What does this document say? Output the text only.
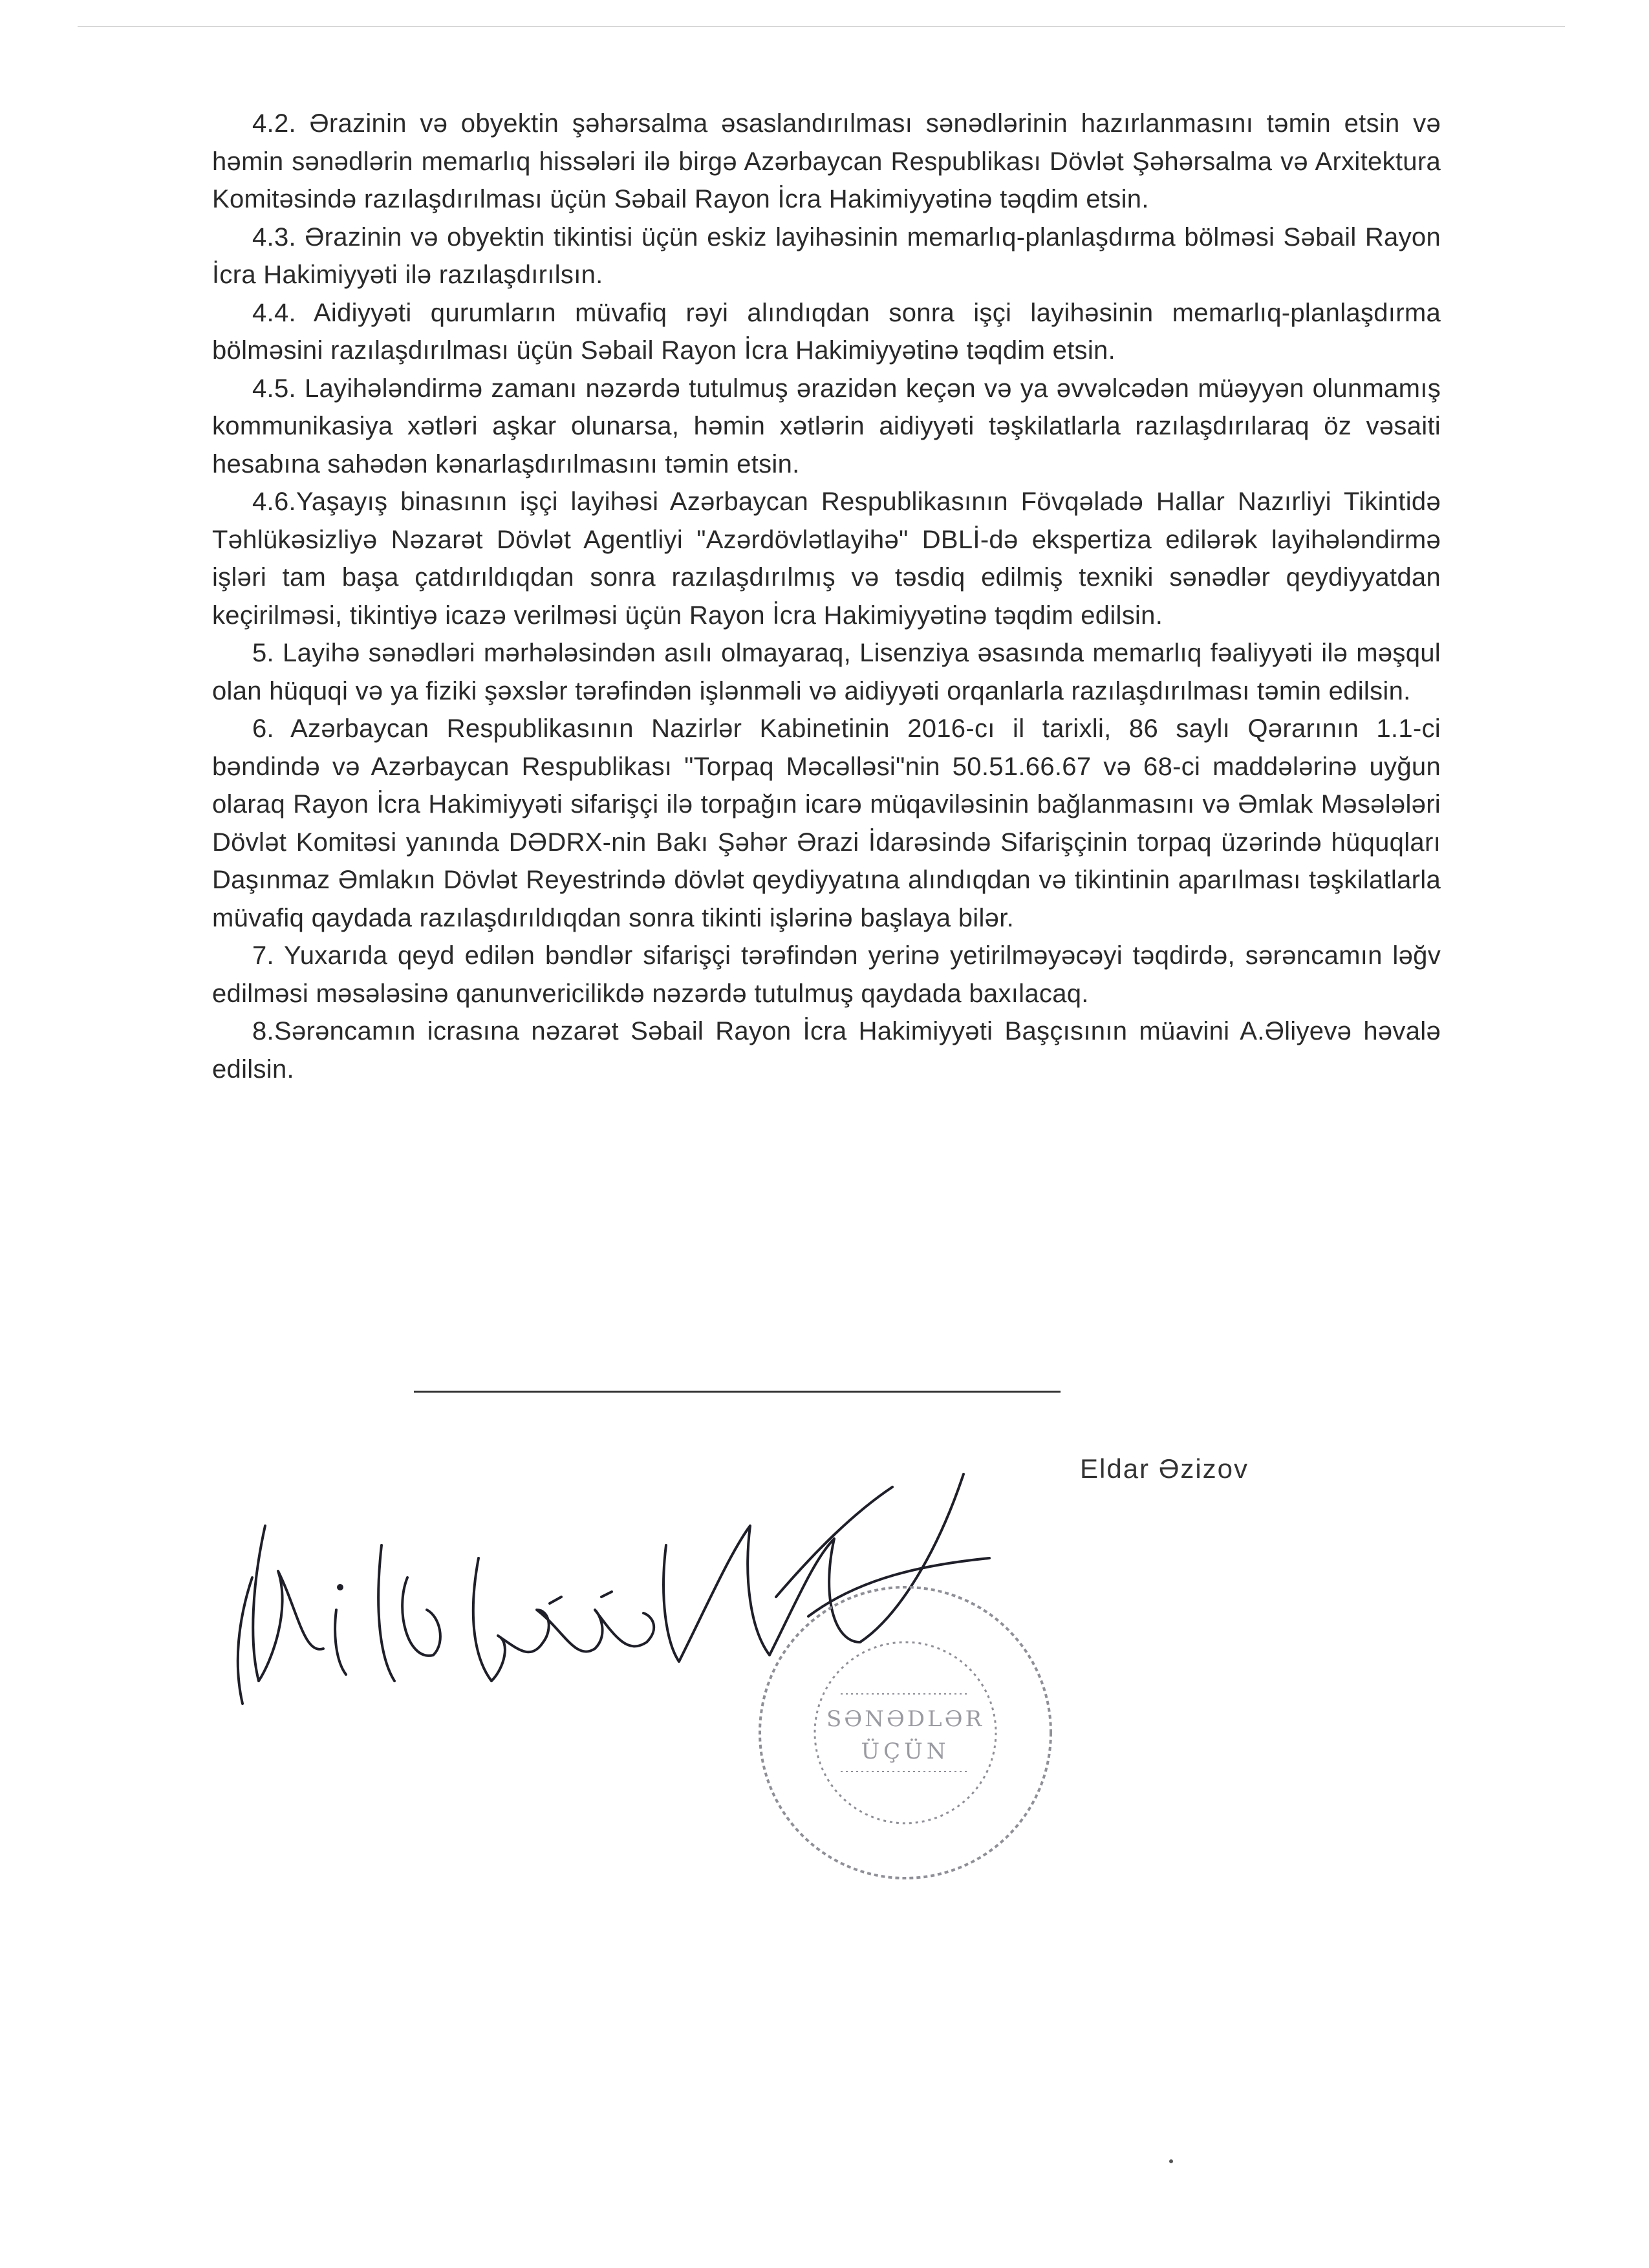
4.2. Ərazinin və obyektin şəhərsalma əsaslandırılması sənədlərinin hazırlanmasını təmin etsin və həmin sənədlərin memarlıq hissələri ilə birgə Azərbaycan Respublikası Dövlət Şəhərsalma və Arxitektura Komitəsində razılaşdırılması üçün Səbail Rayon İcra Hakimiyyətinə təqdim etsin.

4.3. Ərazinin və obyektin tikintisi üçün eskiz layihəsinin memarlıq-planlaşdırma bölməsi Səbail Rayon İcra Hakimiyyəti ilə razılaşdırılsın.

4.4. Aidiyyəti qurumların müvafiq rəyi alındıqdan sonra işçi layihəsinin memarlıq-planlaşdırma bölməsini razılaşdırılması üçün Səbail Rayon İcra Hakimiyyətinə təqdim etsin.

4.5. Layihələndirmə zamanı nəzərdə tutulmuş ərazidən keçən və ya əvvəlcədən müəyyən olunmamış kommunikasiya xətləri aşkar olunarsa, həmin xətlərin aidiyyəti təşkilatlarla razılaşdırılaraq öz vəsaiti hesabına sahədən kənarlaşdırılmasını təmin etsin.

4.6.Yaşayış binasının işçi layihəsi Azərbaycan Respublikasının Fövqəladə Hallar Nazırliyi Tikintidə Təhlükəsizliyə Nəzarət Dövlət Agentliyi "Azərdövlətlayihə" DBLİ-də ekspertiza edilərək layihələndirmə işləri tam başa çatdırıldıqdan sonra razılaşdırılmış və təsdiq edilmiş texniki sənədlər qeydiyyatdan keçirilməsi, tikintiyə icazə verilməsi üçün Rayon İcra Hakimiyyətinə təqdim edilsin.

5. Layihə sənədləri mərhələsindən asılı olmayaraq, Lisenziya əsasında memarlıq fəaliyyəti ilə məşqul olan hüquqi və ya fiziki şəxslər tərəfindən işlənməli və aidiyyəti orqanlarla razılaşdırılması təmin edilsin.

6. Azərbaycan Respublikasının Nazirlər Kabinetinin 2016-cı il tarixli, 86 saylı Qərarının 1.1-ci bəndində və Azərbaycan Respublikası "Torpaq Məcəlləsi"nin 50.51.66.67 və 68-ci maddələrinə uyğun olaraq Rayon İcra Hakimiyyəti sifarişçi ilə torpağın icarə müqaviləsinin bağlanmasını və Əmlak Məsələləri Dövlət Komitəsi yanında DƏDRX-nin Bakı Şəhər Ərazi İdarəsində Sifarişçinin torpaq üzərində hüquqları Daşınmaz Əmlakın Dövlət Reyestrində dövlət qeydiyyatına alındıqdan və tikintinin aparılması təşkilatlarla müvafiq qaydada razılaşdırıldıqdan sonra tikinti işlərinə başlaya bilər.

7. Yuxarıda qeyd edilən bəndlər sifarişçi tərəfindən yerinə yetirilməyəcəyi təqdirdə, sərəncamın ləğv edilməsi məsələsinə qanunvericilikdə nəzərdə tutulmuş qaydada baxılacaq.

8.Sərəncamın icrasına nəzarət Səbail Rayon İcra Hakimiyyəti Başçısının müavini A.Əliyevə həvalə edilsin.

Eldar Əzizov
SƏNƏDLƏR
ÜÇÜN
